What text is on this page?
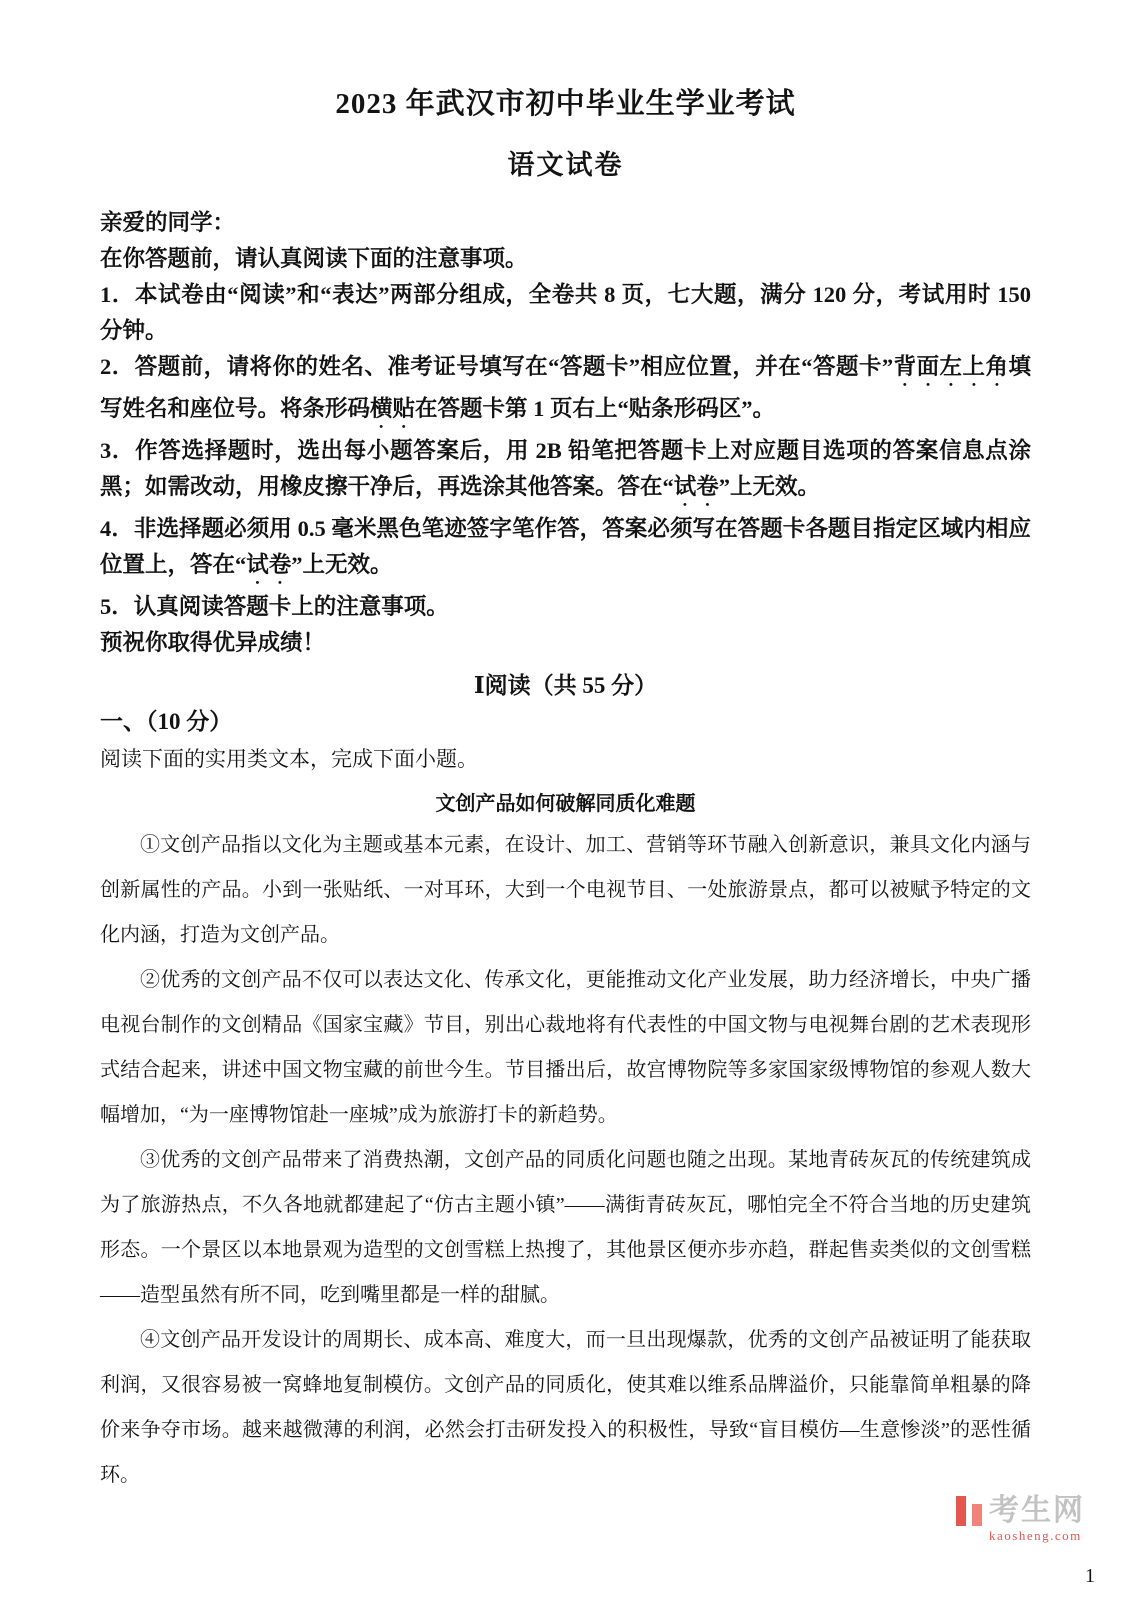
2023 年武汉市初中毕业生学业考试
语文试卷

亲爱的同学：

在你答题前，请认真阅读下面的注意事项。

1．本试卷由“阅读”和“表达”两部分组成，全卷共 8 页，七大题，满分 120 分，考试用时 150 分钟。

2．答题前，请将你的姓名、准考证号填写在“答题卡”相应位置，并在“答题卡”背面左上角填写姓名和座位号。将条形码横贴在答题卡第 1 页右上“贴条形码区”。

3．作答选择题时，选出每小题答案后，用 2B 铅笔把答题卡上对应题目选项的答案信息点涂黑；如需改动，用橡皮擦干净后，再选涂其他答案。答在“试卷”上无效。

4．非选择题必须用 0.5 毫米黑色笔迹签字笔作答，答案必须写在答题卡各题目指定区域内相应位置上，答在“试卷”上无效。

5．认真阅读答题卡上的注意事项。

预祝你取得优异成绩！

Ⅰ阅读（共 55 分）
一、（10 分）
阅读下面的实用类文本，完成下面小题。
文创产品如何破解同质化难题

①文创产品指以文化为主题或基本元素，在设计、加工、营销等环节融入创新意识，兼具文化内涵与创新属性的产品。小到一张贴纸、一对耳环，大到一个电视节目、一处旅游景点，都可以被赋予特定的文化内涵，打造为文创产品。

②优秀的文创产品不仅可以表达文化、传承文化，更能推动文化产业发展，助力经济增长，中央广播电视台制作的文创精品《国家宝藏》节目，别出心裁地将有代表性的中国文物与电视舞台剧的艺术表现形式结合起来，讲述中国文物宝藏的前世今生。节目播出后，故宫博物院等多家国家级博物馆的参观人数大幅增加，“为一座博物馆赴一座城”成为旅游打卡的新趋势。

③优秀的文创产品带来了消费热潮，文创产品的同质化问题也随之出现。某地青砖灰瓦的传统建筑成为了旅游热点，不久各地就都建起了“仿古主题小镇”——满街青砖灰瓦，哪怕完全不符合当地的历史建筑形态。一个景区以本地景观为造型的文创雪糕上热搜了，其他景区便亦步亦趋，群起售卖类似的文创雪糕——造型虽然有所不同，吃到嘴里都是一样的甜腻。

④文创产品开发设计的周期长、成本高、难度大，而一旦出现爆款，优秀的文创产品被证明了能获取利润，又很容易被一窝蜂地复制模仿。文创产品的同质化，使其难以维系品牌溢价，只能靠简单粗暴的降价来争夺市场。越来越微薄的利润，必然会打击研发投入的积极性，导致“盲目模仿—生意惨淡”的恶性循环。

考生网
kaosheng.com
1
